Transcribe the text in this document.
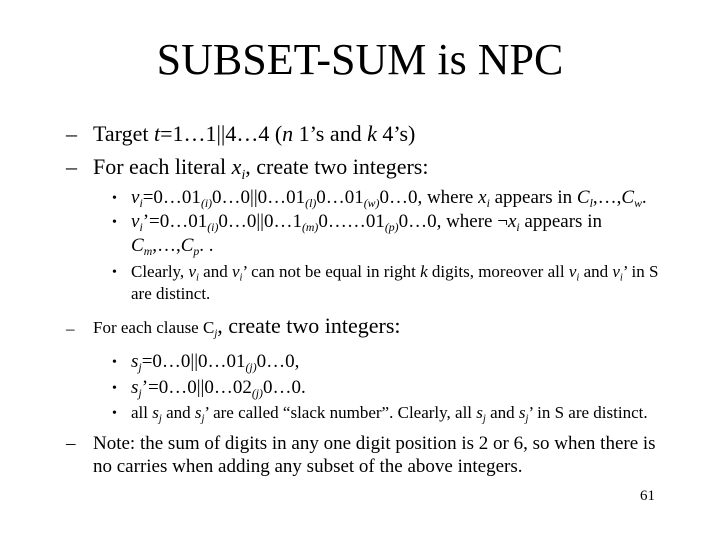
SUBSET-SUM is NPC
– Target t=1…1||4…4 (n 1’s and k 4’s)
– For each literal $x_i$, create two integers:
• $v_i=0\dots 01_{(i)}0\dots 0||0\dots 01_{(l)}0\dots 01_{(w)}0\dots 0$, where $x_i$ appears in $C_l,\dots,C_w$.
• $v_i’=0\dots 01_{(i)}0\dots 0||0\dots 1_{(m)}0\dots\dots 01_{(p)}0\dots 0$, where $\neg x_i$ appears in
$C_m,\dots,C_p$. .
• Clearly, $v_i$ and $v_i$’ can not be equal in right k digits, moreover all $v_i$ and $v_i$’ in S
are distinct.
– For each clause $C_j$, create two integers:
• $s_j=0\dots 0||0\dots 01_{(j)}0\dots 0$,
• $s_j’=0\dots 0||0\dots 02_{(j)}0\dots 0$.
• all $s_j$ and $s_j$’ are called “slack number”. Clearly, all $s_j$ and $s_j$’ in S are distinct.
– Note: the sum of digits in any one digit position is 2 or 6, so when there is
no carries when adding any subset of the above integers.
61
